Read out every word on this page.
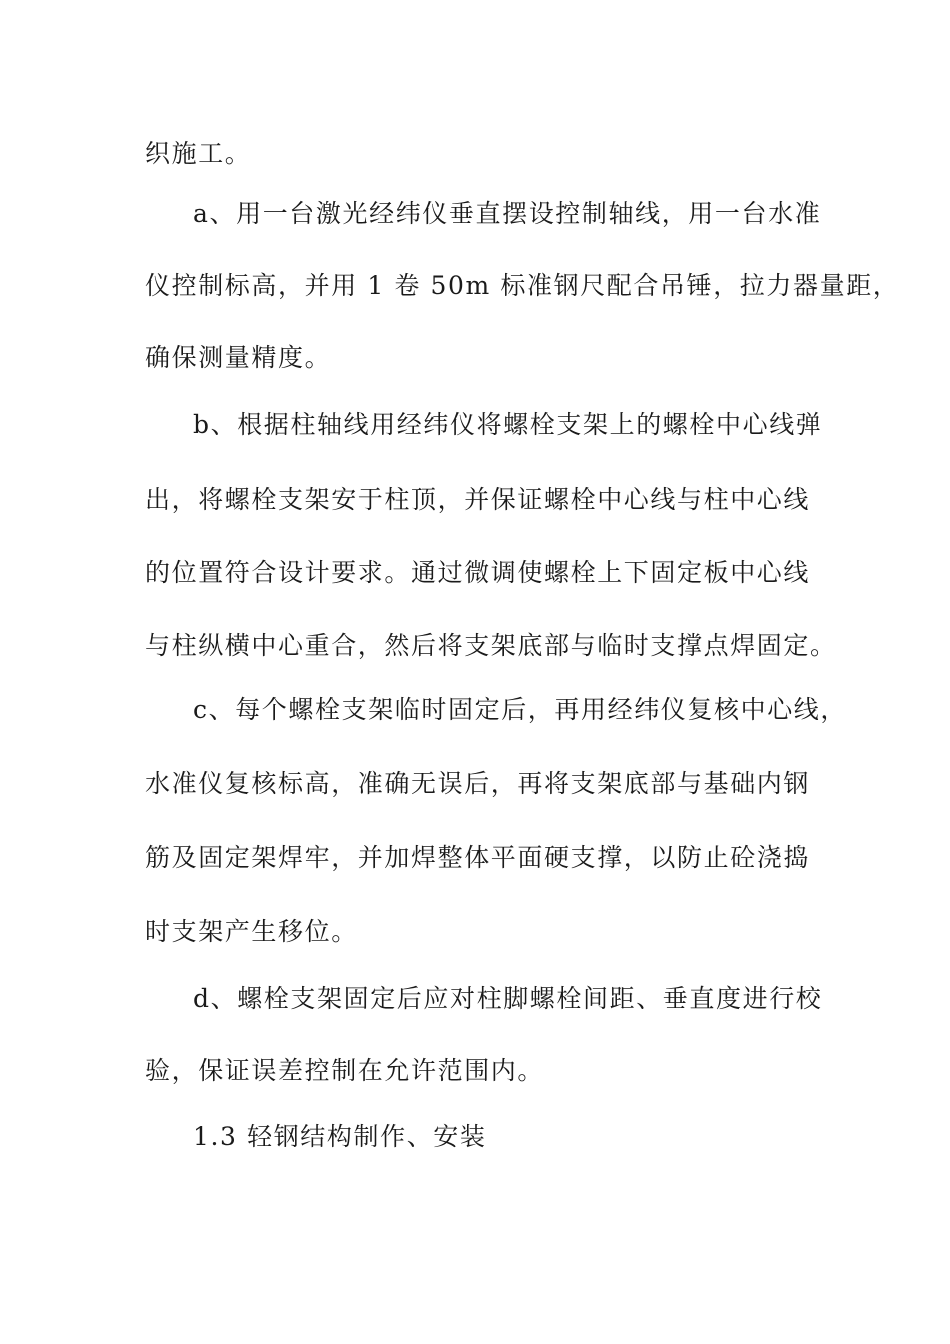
织施工。
a、用一台激光经纬仪垂直摆设控制轴线，用一台水准
仪控制标高，并用 1 卷 50m 标准钢尺配合吊锤，拉力器量距，
确保测量精度。
b、根据柱轴线用经纬仪将螺栓支架上的螺栓中心线弹
出，将螺栓支架安于柱顶，并保证螺栓中心线与柱中心线
的位置符合设计要求。通过微调使螺栓上下固定板中心线
与柱纵横中心重合，然后将支架底部与临时支撑点焊固定。
c、每个螺栓支架临时固定后，再用经纬仪复核中心线，
水准仪复核标高，准确无误后，再将支架底部与基础内钢
筋及固定架焊牢，并加焊整体平面硬支撑，以防止砼浇捣
时支架产生移位。
d、螺栓支架固定后应对柱脚螺栓间距、垂直度进行校
验，保证误差控制在允许范围内。
1.3 轻钢结构制作、安装
